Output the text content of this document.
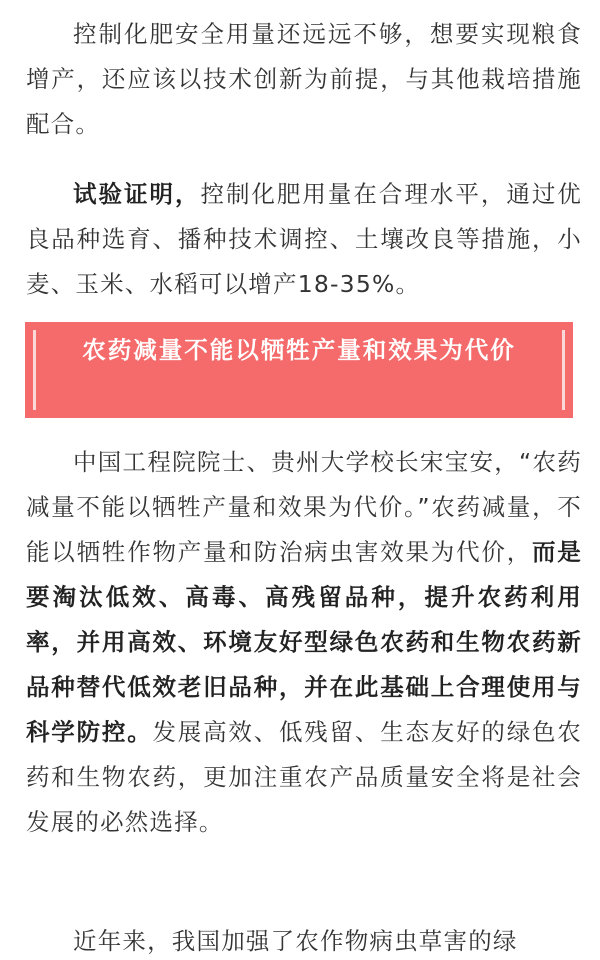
控制化肥安全用量还远远不够，想要实现粮食增产，还应该以技术创新为前提，与其他栽培措施配合。

试验证明，控制化肥用量在合理水平，通过优良品种选育、播种技术调控、土壤改良等措施，小麦、玉米、水稻可以增产18-35%。

农药减量不能以牺牲产量和效果为代价

中国工程院院士、贵州大学校长宋宝安，“农药减量不能以牺牲产量和效果为代价。”农药减量，不能以牺牲作物产量和防治病虫害效果为代价，而是要淘汰低效、高毒、高残留品种，提升农药利用率，并用高效、环境友好型绿色农药和生物农药新品种替代低效老旧品种，并在此基础上合理使用与科学防控。发展高效、低残留、生态友好的绿色农药和生物农药，更加注重农产品质量安全将是社会发展的必然选择。

近年来，我国加强了农作物病虫草害的绿
